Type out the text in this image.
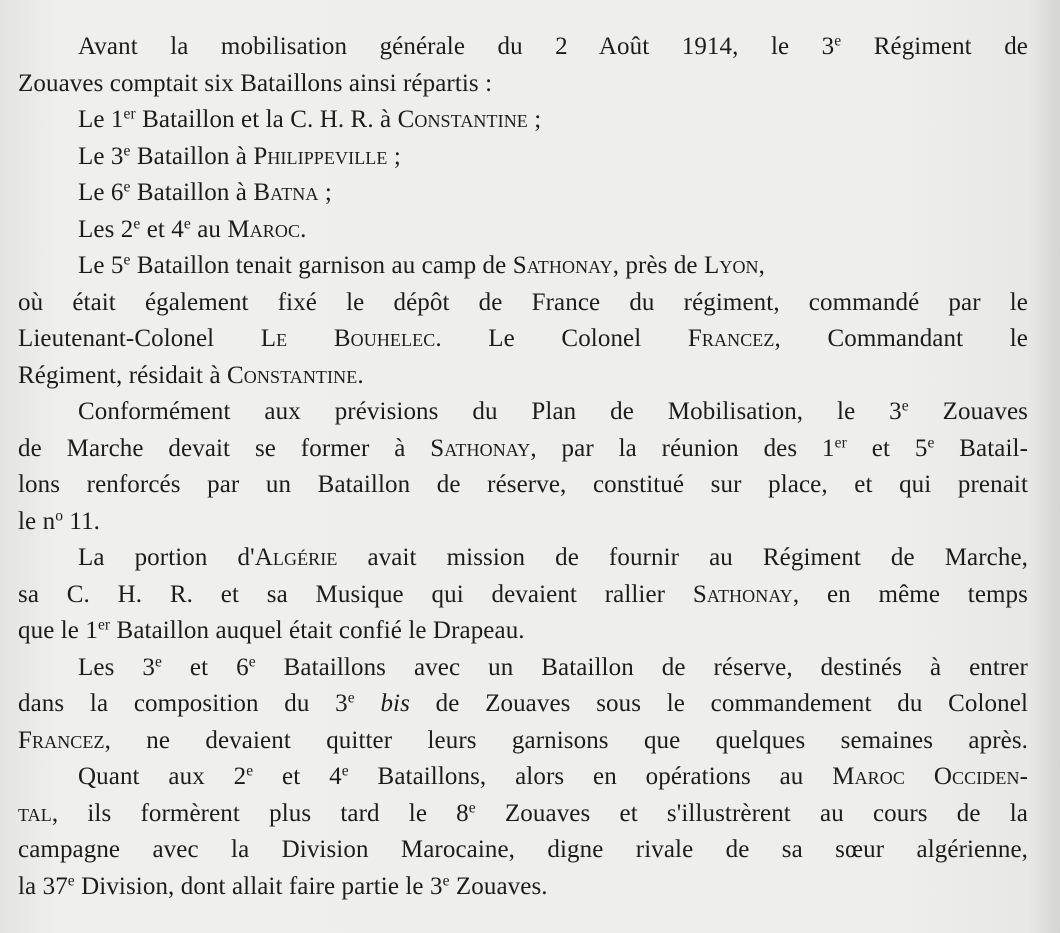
Avant la mobilisation générale du 2 Août 1914, le 3e Régiment de
Zouaves comptait six Bataillons ainsi répartis :
Le 1er Bataillon et la C. H. R. à Constantine ;
Le 3e Bataillon à Philippeville ;
Le 6e Bataillon à Batna ;
Les 2e et 4e au Maroc.
Le 5e Bataillon tenait garnison au camp de Sathonay, près de Lyon,
où était également fixé le dépôt de France du régiment, commandé par le
Lieutenant-Colonel Le Bouhelec. Le Colonel Francez, Commandant le
Régiment, résidait à Constantine.
Conformément aux prévisions du Plan de Mobilisation, le 3e Zouaves
de Marche devait se former à Sathonay, par la réunion des 1er et 5e Batail-
lons renforcés par un Bataillon de réserve, constitué sur place, et qui prenait
le $n^o$ 11.
La portion d'Algérie avait mission de fournir au Régiment de Marche,
sa C. H. R. et sa Musique qui devaient rallier Sathonay, en même temps
que le 1er Bataillon auquel était confié le Drapeau.
Les 3e et 6e Bataillons avec un Bataillon de réserve, destinés à entrer
dans la composition du 3e bis de Zouaves sous le commandement du Colonel
Francez, ne devaient quitter leurs garnisons que quelques semaines après.
Quant aux 2e et 4e Bataillons, alors en opérations au Maroc Occiden-
tal, ils formèrent plus tard le 8e Zouaves et s'illustrèrent au cours de la
campagne avec la Division Marocaine, digne rivale de sa sœur algérienne,
la 37e Division, dont allait faire partie le 3e Zouaves.
